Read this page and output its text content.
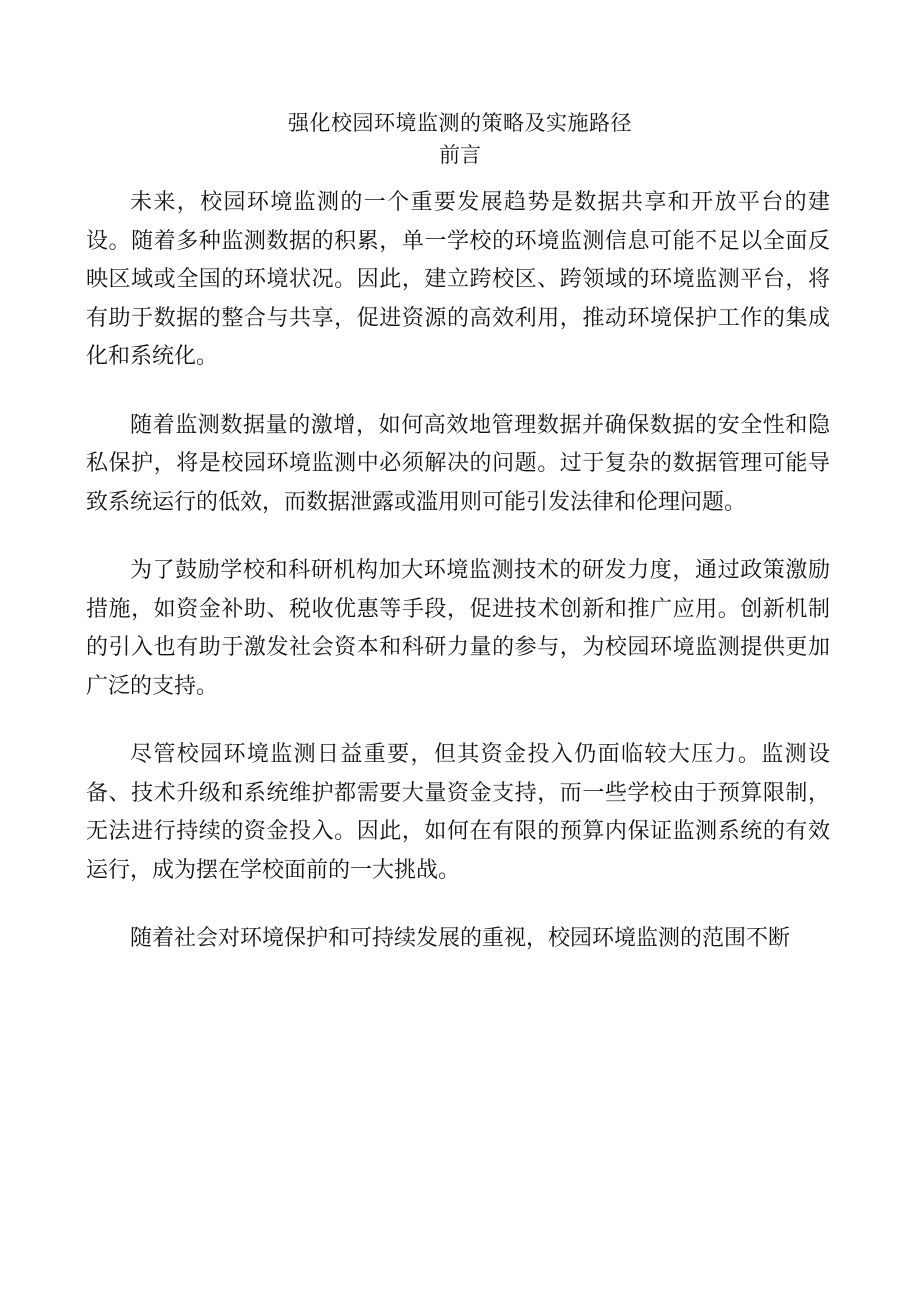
强化校园环境监测的策略及实施路径
前言

未来，校园环境监测的一个重要发展趋势是数据共享和开放平台的建设。随着多种监测数据的积累，单一学校的环境监测信息可能不足以全面反映区域或全国的环境状况。因此，建立跨校区、跨领域的环境监测平台，将有助于数据的整合与共享，促进资源的高效利用，推动环境保护工作的集成化和系统化。

随着监测数据量的激增，如何高效地管理数据并确保数据的安全性和隐私保护，将是校园环境监测中必须解决的问题。过于复杂的数据管理可能导致系统运行的低效，而数据泄露或滥用则可能引发法律和伦理问题。

为了鼓励学校和科研机构加大环境监测技术的研发力度，通过政策激励措施，如资金补助、税收优惠等手段，促进技术创新和推广应用。创新机制的引入也有助于激发社会资本和科研力量的参与，为校园环境监测提供更加广泛的支持。

尽管校园环境监测日益重要，但其资金投入仍面临较大压力。监测设备、技术升级和系统维护都需要大量资金支持，而一些学校由于预算限制，无法进行持续的资金投入。因此，如何在有限的预算内保证监测系统的有效运行，成为摆在学校面前的一大挑战。

随着社会对环境保护和可持续发展的重视，校园环境监测的范围不断
